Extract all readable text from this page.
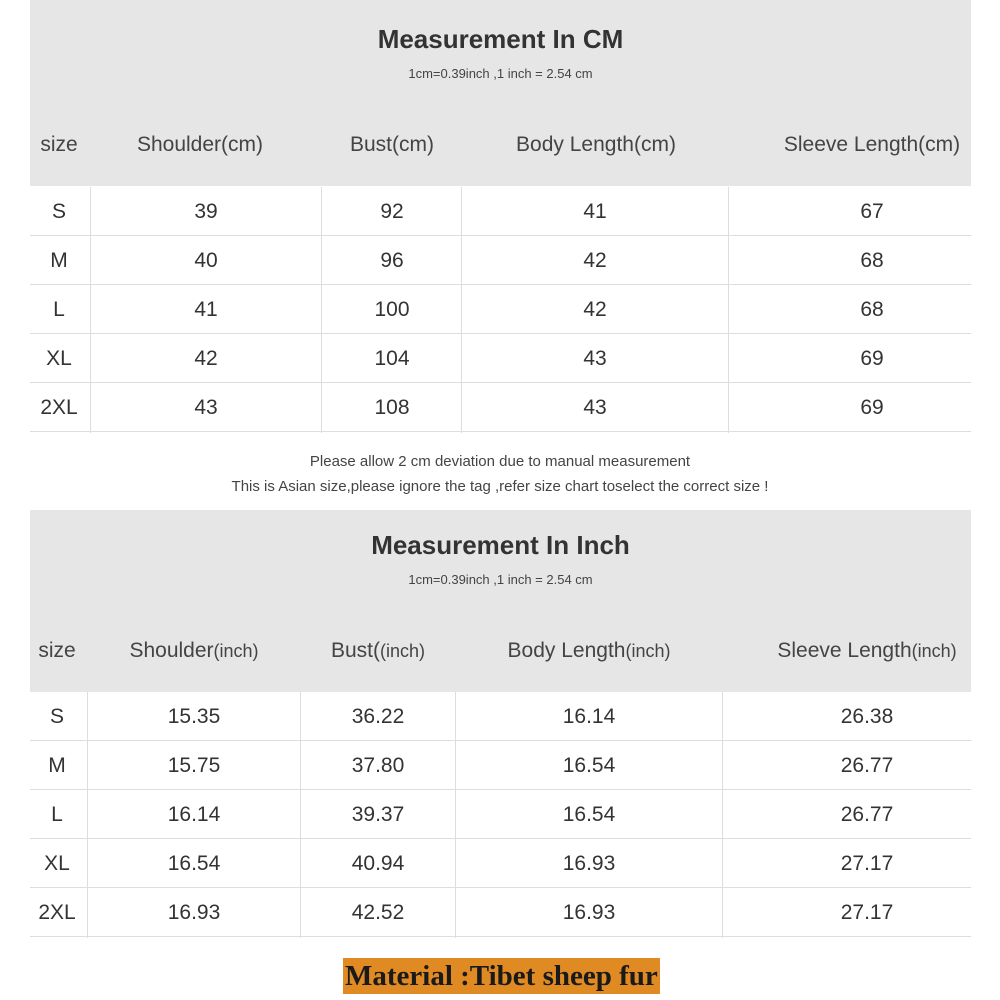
Measurement In CM
1cm=0.39inch ,1 inch = 2.54 cm
size	Shoulder(cm)	Bust(cm)	Body Length(cm)	Sleeve Length(cm)
S	39	92	41	67
M	40	96	42	68
L	41	100	42	68
XL	42	104	43	69
2XL	43	108	43	69
Please allow 2 cm deviation due to manual measurement
This is Asian size,please ignore the tag ,refer size chart toselect the correct size !
Measurement In Inch
1cm=0.39inch ,1 inch = 2.54 cm
size	Shoulder(inch)	Bust((inch)	Body Length(inch)	Sleeve Length(inch)
S	15.35	36.22	16.14	26.38
M	15.75	37.80	16.54	26.77
L	16.14	39.37	16.54	26.77
XL	16.54	40.94	16.93	27.17
2XL	16.93	42.52	16.93	27.17
Material :Tibet sheep fur
